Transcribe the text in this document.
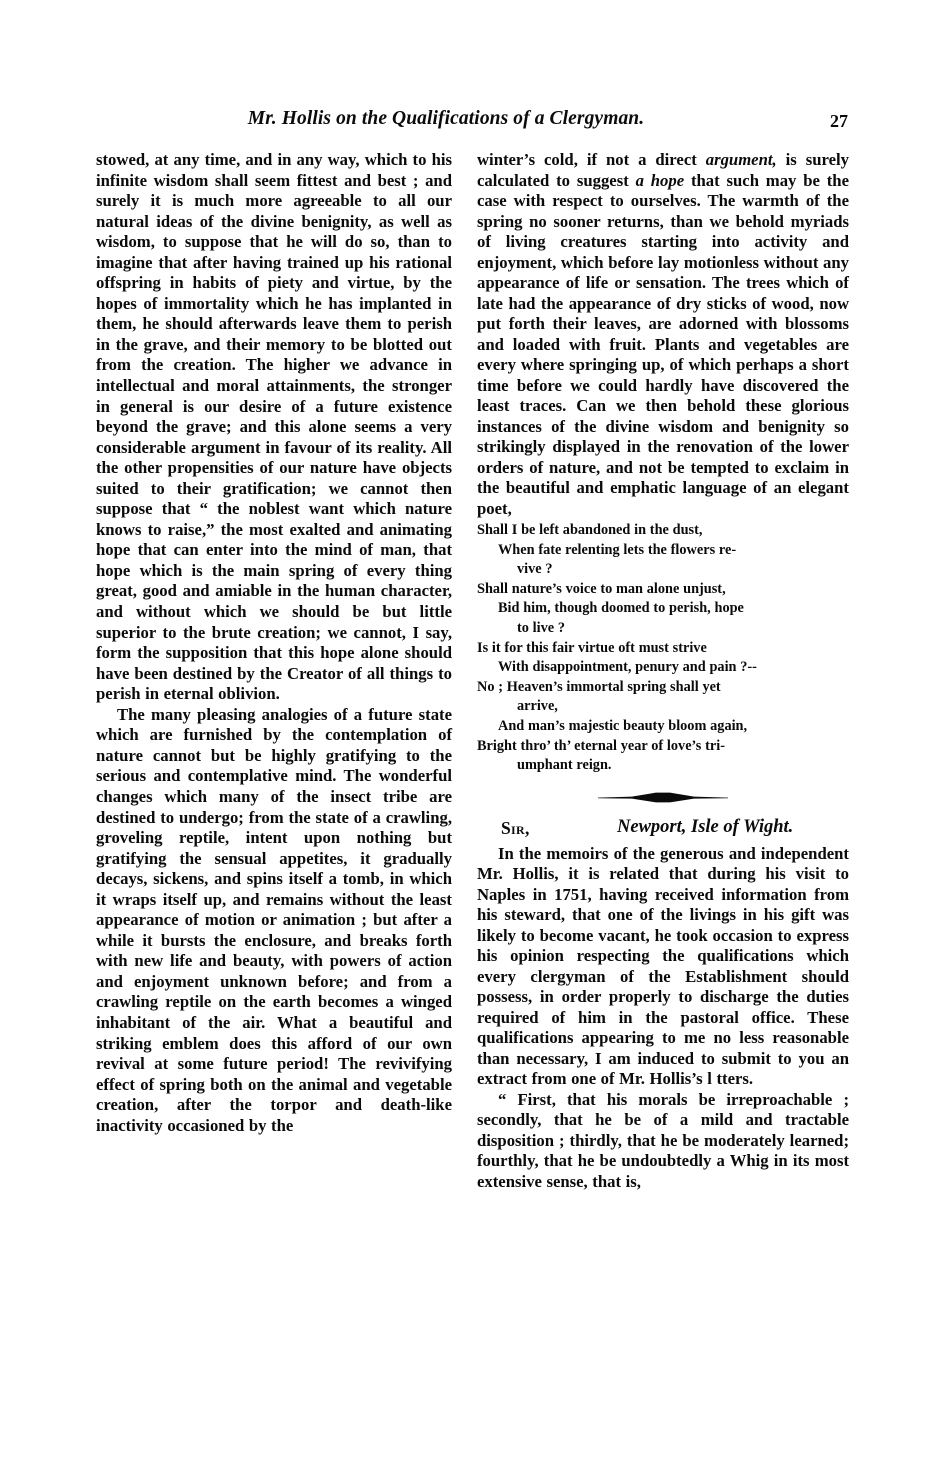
Mr. Hollis on the Qualifications of a Clergyman.	27

stowed, at any time, and in any way, which to his infinite wisdom shall seem fittest and best ; and surely it is much more agreeable to all our natural ideas of the divine benignity, as well as wisdom, to suppose that he will do so, than to imagine that after having trained up his rational offspring in habits of piety and virtue, by the hopes of immortality which he has implanted in them, he should afterwards leave them to perish in the grave, and their memory to be blotted out from the creation. The higher we advance in intellectual and moral attainments, the stronger in general is our desire of a future existence beyond the grave; and this alone seems a very considerable argument in favour of its reality. All the other propensities of our nature have objects suited to their gratification; we cannot then suppose that “ the noblest want which nature knows to raise,” the most exalted and animating hope that can enter into the mind of man, that hope which is the main spring of every thing great, good and amiable in the human character, and without which we should be but little superior to the brute creation; we cannot, I say, form the supposition that this hope alone should have been destined by the Creator of all things to perish in eternal oblivion.

The many pleasing analogies of a future state which are furnished by the contemplation of nature cannot but be highly gratifying to the serious and contemplative mind. The wonderful changes which many of the insect tribe are destined to undergo; from the state of a crawling, groveling reptile, intent upon nothing but gratifying the sensual appetites, it gradually decays, sickens, and spins itself a tomb, in which it wraps itself up, and remains without the least appearance of motion or animation ; but after a while it bursts the enclosure, and breaks forth with new life and beauty, with powers of action and enjoyment unknown before; and from a crawling reptile on the earth becomes a winged inhabitant of the air. What a beautiful and striking emblem does this afford of our own revival at some future period! The revivifying effect of spring both on the animal and vegetable creation, after the torpor and death-like inactivity occasioned by the

winter’s cold, if not a direct argument, is surely calculated to suggest a hope that such may be the case with respect to ourselves. The warmth of the spring no sooner returns, than we behold myriads of living creatures starting into activity and enjoyment, which before lay motionless without any appearance of life or sensation. The trees which of late had the appearance of dry sticks of wood, now put forth their leaves, are adorned with blossoms and loaded with fruit. Plants and vegetables are every where springing up, of which perhaps a short time before we could hardly have discovered the least traces. Can we then behold these glorious instances of the divine wisdom and benignity so strikingly displayed in the renovation of the lower orders of nature, and not be tempted to exclaim in the beautiful and emphatic language of an elegant poet,

Shall I be left abandoned in the dust,
When fate relenting lets the flowers re-
vive ?
Shall nature’s voice to man alone unjust,
Bid him, though doomed to perish, hope
to live ?
Is it for this fair virtue oft must strive
With disappointment, penury and pain ?--
No ; Heaven’s immortal spring shall yet
arrive,
And man’s majestic beauty bloom again,
Bright thro’ th’ eternal year of love’s tri-
umphant reign.
Sir,	Newport, Isle of Wight.

In the memoirs of the generous and independent Mr. Hollis, it is related that during his visit to Naples in 1751, having received information from his steward, that one of the livings in his gift was likely to become vacant, he took occasion to express his opinion respecting the qualifications which every clergyman of the Establishment should possess, in order properly to discharge the duties required of him in the pastoral office. These qualifications appearing to me no less reasonable than necessary, I am induced to submit to you an extract from one of Mr. Hollis’s l tters.

“ First, that his morals be irreproachable ; secondly, that he be of a mild and tractable disposition ; thirdly, that he be moderately learned; fourthly, that he be undoubtedly a Whig in its most extensive sense, that is,
